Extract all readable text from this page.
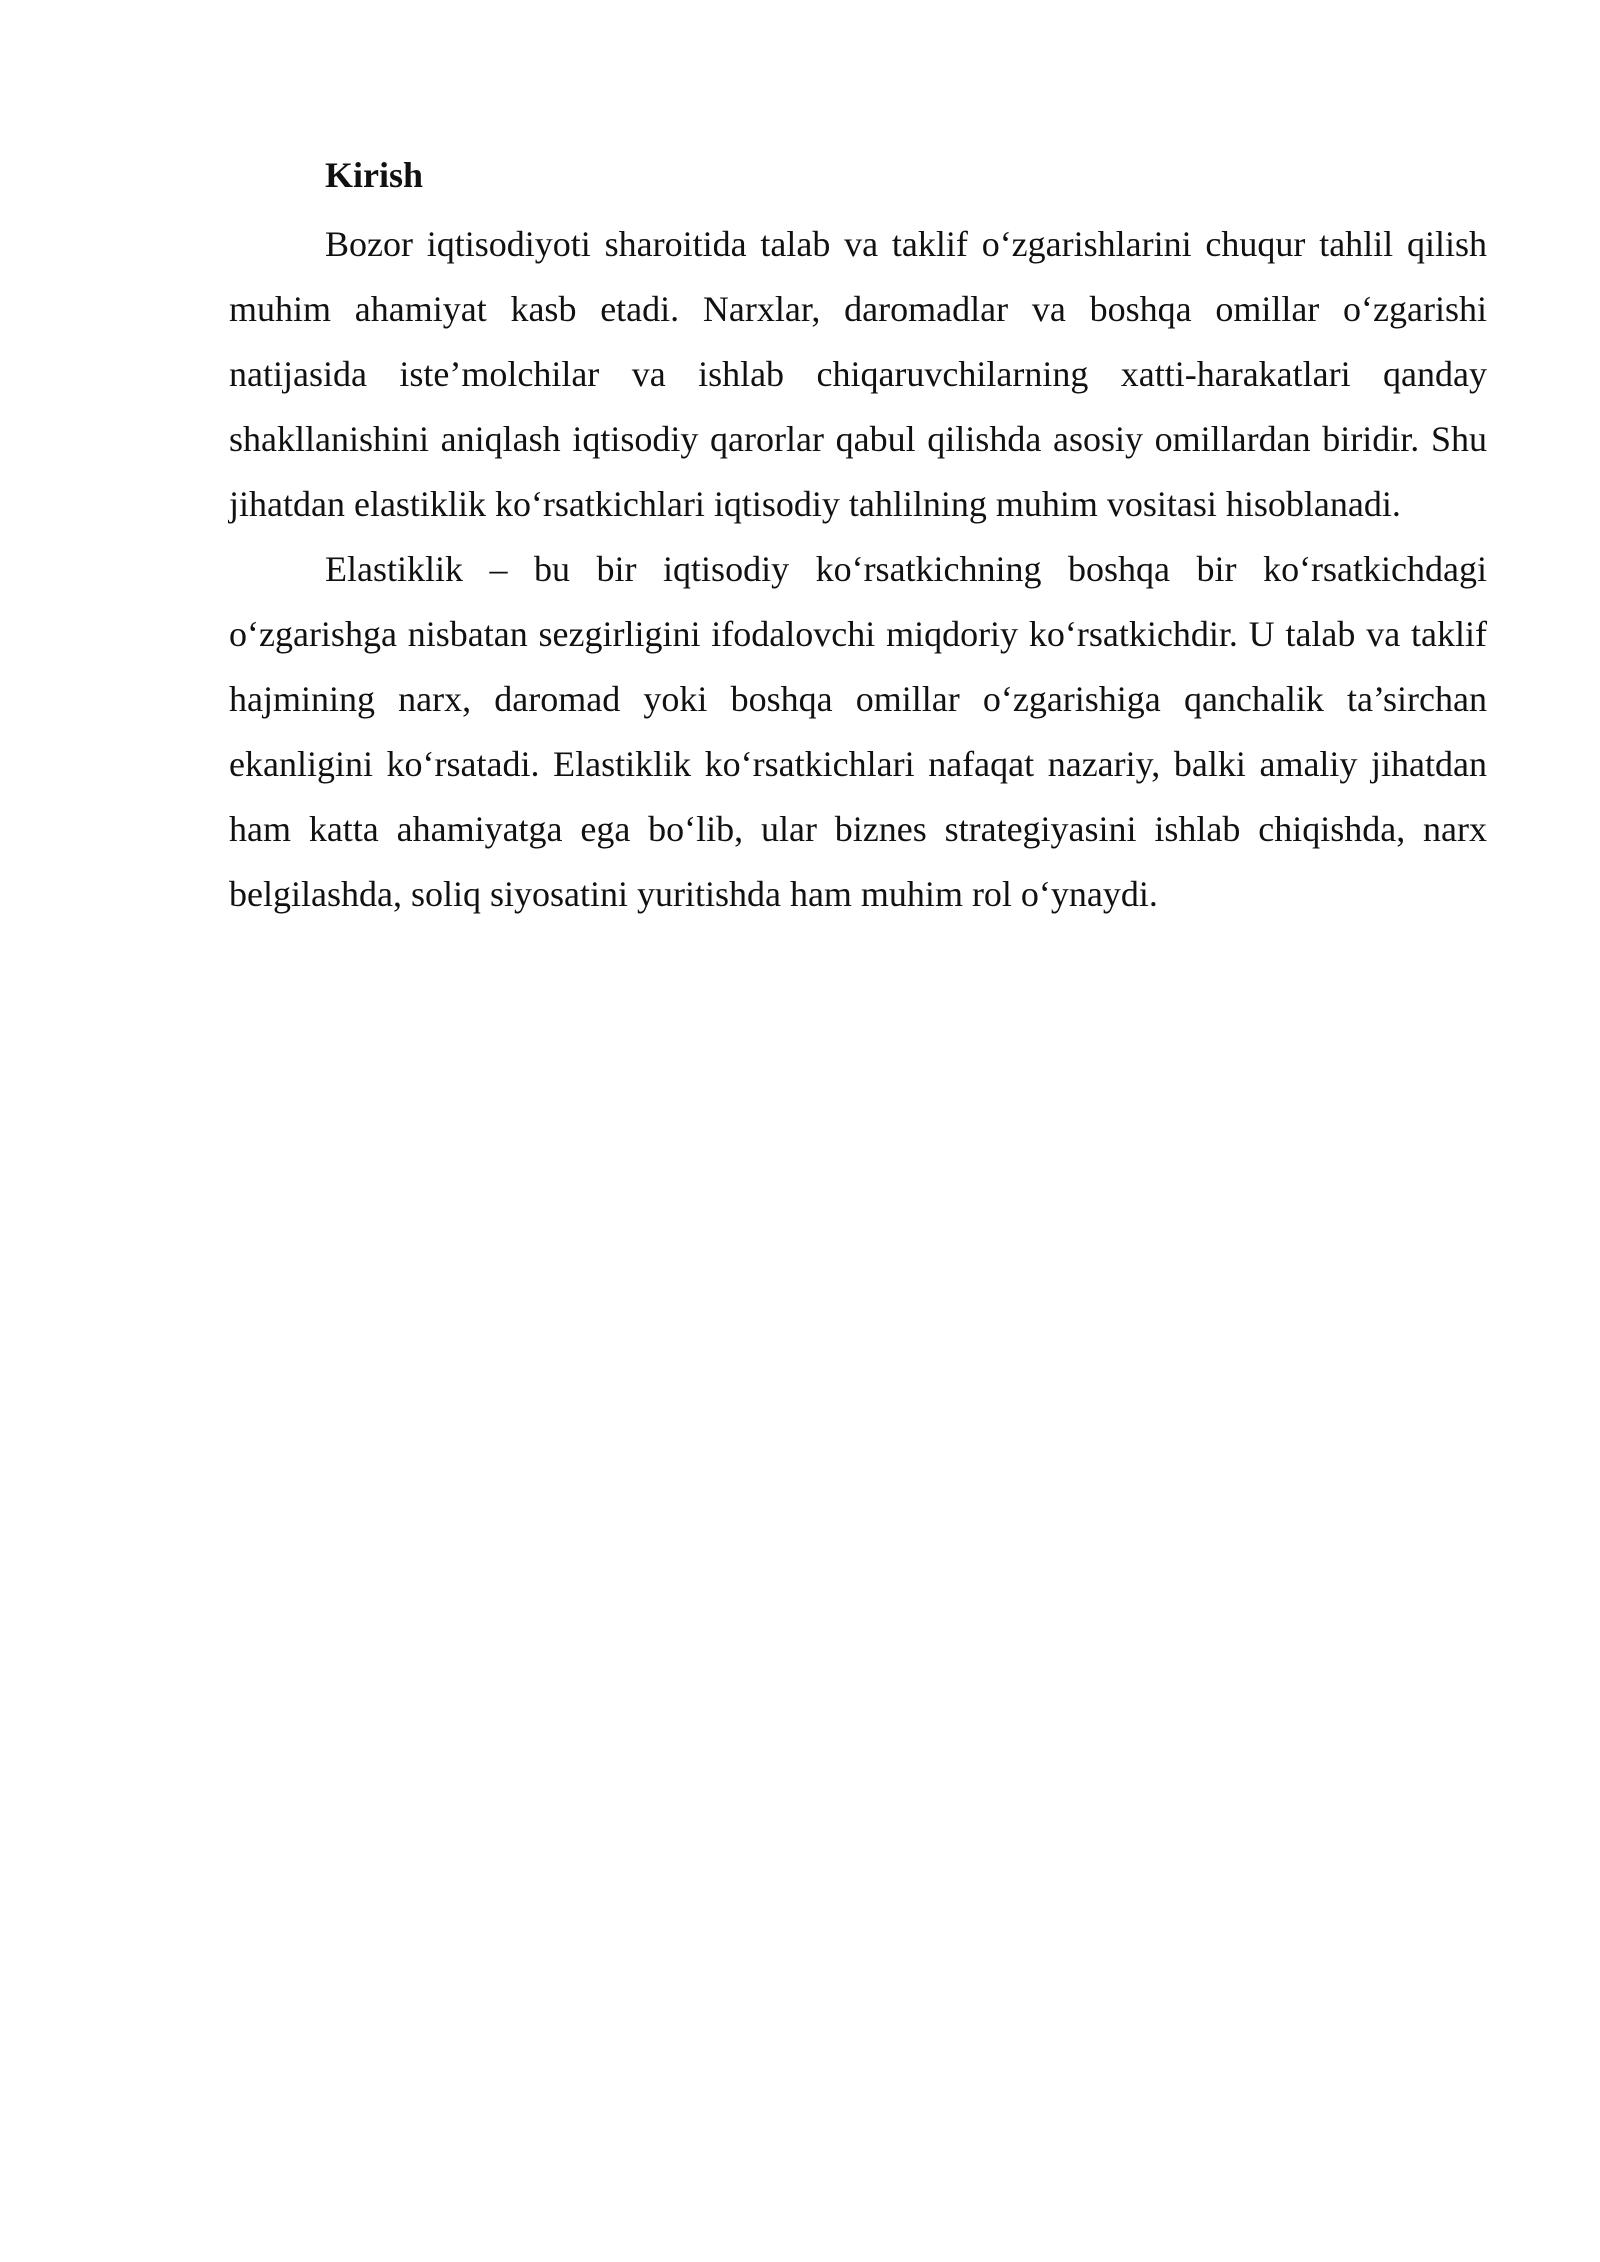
Kirish

Bozor iqtisodiyoti sharoitida talab va taklif o‘zgarishlarini chuqur tahlil qilish muhim ahamiyat kasb etadi. Narxlar, daromadlar va boshqa omillar o‘zgarishi natijasida iste’molchilar va ishlab chiqaruvchilarning xatti-harakatlari qanday shakllanishini aniqlash iqtisodiy qarorlar qabul qilishda asosiy omillardan biridir. Shu jihatdan elastiklik ko‘rsatkichlari iqtisodiy tahlilning muhim vositasi hisoblanadi.

Elastiklik – bu bir iqtisodiy ko‘rsatkichning boshqa bir ko‘rsatkichdagi o‘zgarishga nisbatan sezgirligini ifodalovchi miqdoriy ko‘rsatkichdir. U talab va taklif hajmining narx, daromad yoki boshqa omillar o‘zgarishiga qanchalik ta’sirchan ekanligini ko‘rsatadi. Elastiklik ko‘rsatkichlari nafaqat nazariy, balki amaliy jihatdan ham katta ahamiyatga ega bo‘lib, ular biznes strategiyasini ishlab chiqishda, narx belgilashda, soliq siyosatini yuritishda ham muhim rol o‘ynaydi.
